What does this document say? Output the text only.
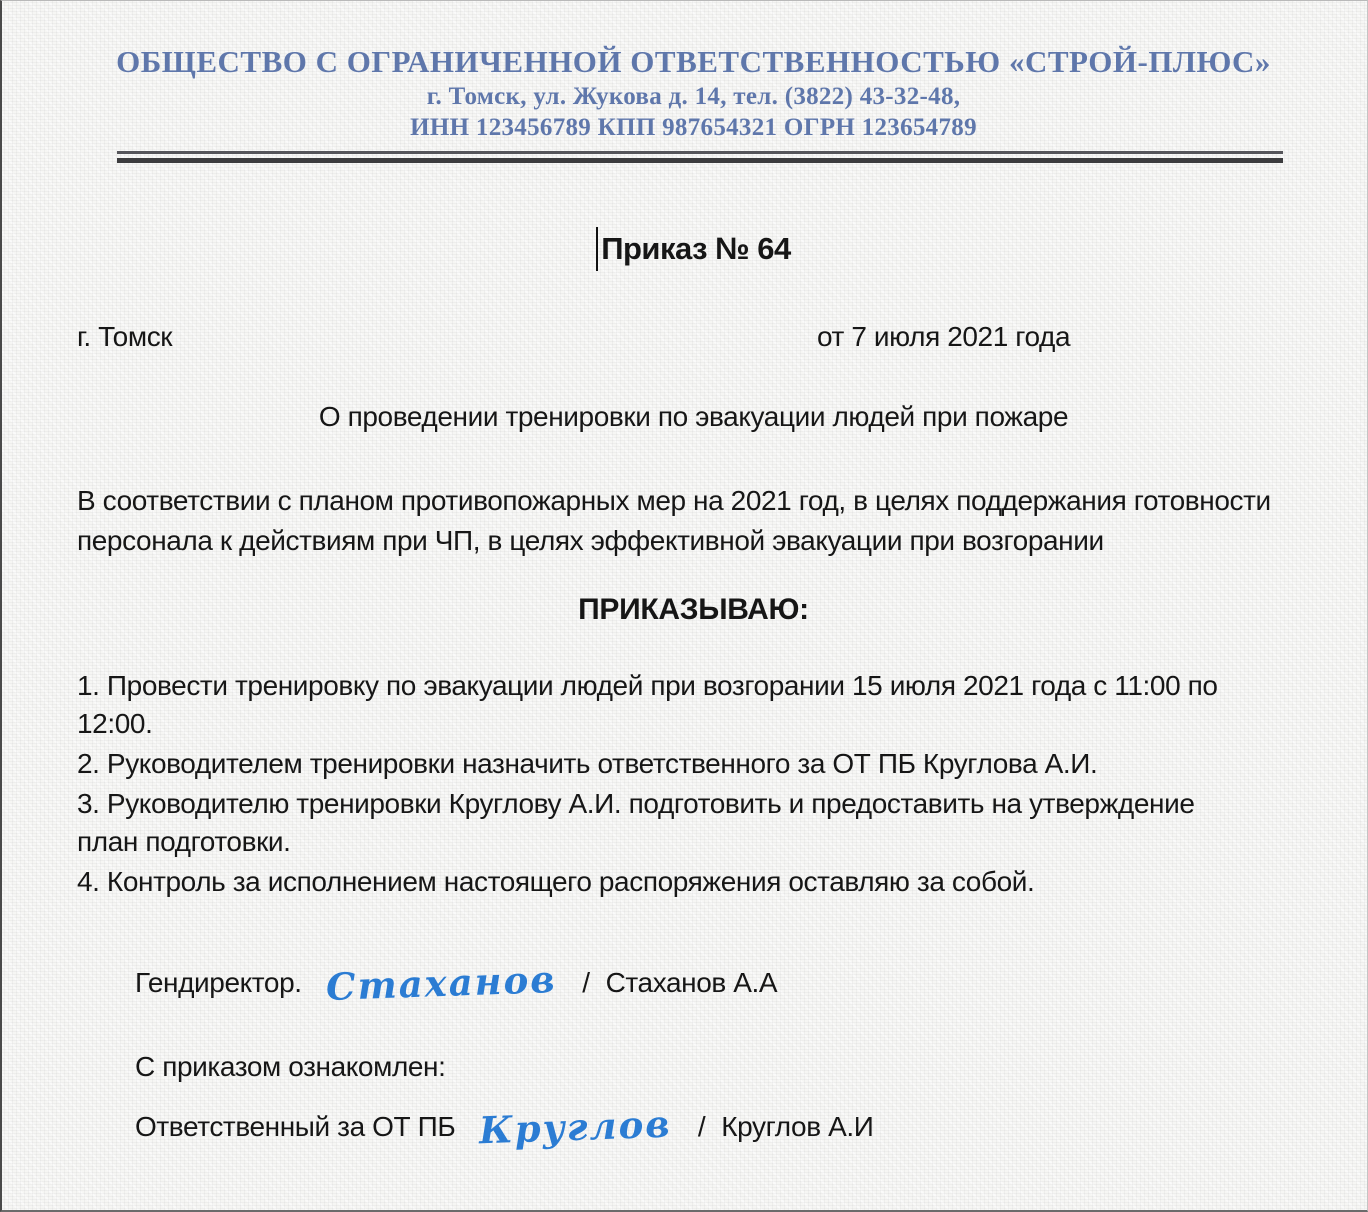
ОБЩЕСТВО С ОГРАНИЧЕННОЙ ОТВЕТСТВЕННОСТЬЮ «СТРОЙ-ПЛЮС»
г. Томск, ул. Жукова д. 14, тел. (3822) 43-32-48,
ИНН 123456789 КПП 987654321 ОГРН 123654789
Приказ № 64
г. Томск	от 7 июля 2021 года
О проведении тренировки по эвакуации людей при пожаре

В соответствии с планом противопожарных мер на 2021 год, в целях поддержания готовности персонала к действиям при ЧП, в целях эффективной эвакуации при возгорании

ПРИКАЗЫВАЮ:

1. Провести тренировку по эвакуации людей при возгорании 15 июля 2021 года с 11:00 по 12:00.

2. Руководителем тренировки назначить ответственного за ОТ ПБ Круглова А.И.

3. Руководителю тренировки Круглову А.И. подготовить и предоставить на утверждение план подготовки.

4. Контроль за исполнением настоящего распоряжения оставляю за собой.

Гендиректор. Стаханов / Стаханов А.А
С приказом ознакомлен:
Ответственный за ОТ ПБ Круглов / Круглов А.И
